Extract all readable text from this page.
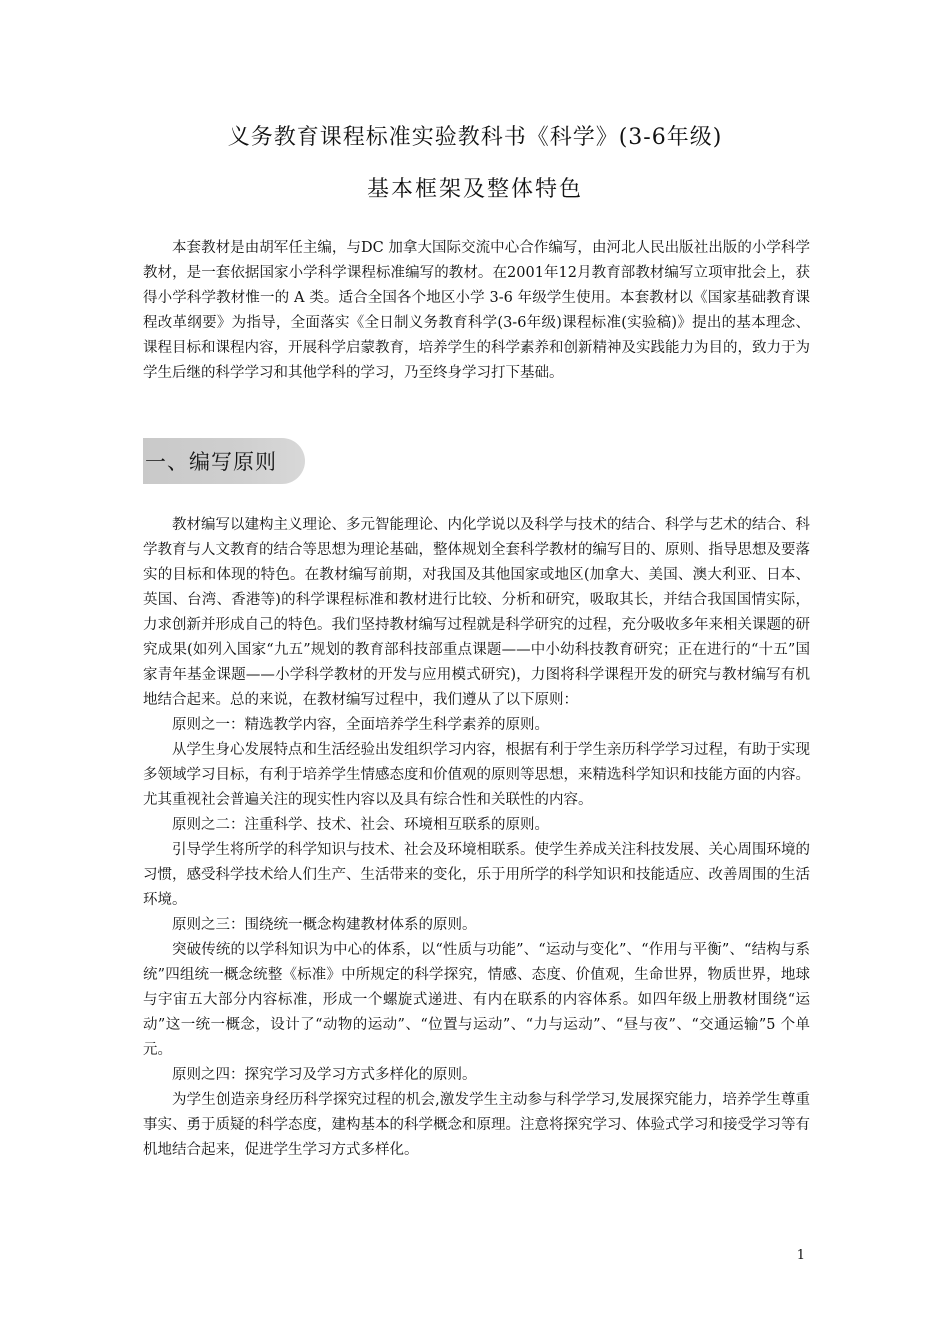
义务教育课程标准实验教科书《科学》(3-6年级)
基本框架及整体特色

本套教材是由胡军任主编，与DC 加拿大国际交流中心合作编写，由河北人民出版社出版的小学科学教材，是一套依据国家小学科学课程标准编写的教材。在2001年12月教育部教材编写立项审批会上，获得小学科学教材惟一的 A 类。适合全国各个地区小学 3-6 年级学生使用。本套教材以《国家基础教育课程改革纲要》为指导，全面落实《全日制义务教育科学(3-6年级)课程标准(实验稿)》提出的基本理念、课程目标和课程内容，开展科学启蒙教育，培养学生的科学素养和创新精神及实践能力为目的，致力于为学生后继的科学学习和其他学科的学习，乃至终身学习打下基础。

一、编写原则

教材编写以建构主义理论、多元智能理论、内化学说以及科学与技术的结合、科学与艺术的结合、科学教育与人文教育的结合等思想为理论基础，整体规划全套科学教材的编写目的、原则、指导思想及要落实的目标和体现的特色。在教材编写前期，对我国及其他国家或地区(加拿大、美国、澳大利亚、日本、英国、台湾、香港等)的科学课程标准和教材进行比较、分析和研究，吸取其长，并结合我国国情实际，力求创新并形成自己的特色。我们坚持教材编写过程就是科学研究的过程，充分吸收多年来相关课题的研究成果(如列入国家“九五”规划的教育部科技部重点课题——中小幼科技教育研究；正在进行的“十五”国家青年基金课题——小学科学教材的开发与应用模式研究)，力图将科学课程开发的研究与教材编写有机地结合起来。总的来说，在教材编写过程中，我们遵从了以下原则：

原则之一：精选教学内容，全面培养学生科学素养的原则。

从学生身心发展特点和生活经验出发组织学习内容，根据有利于学生亲历科学学习过程，有助于实现多领域学习目标，有利于培养学生情感态度和价值观的原则等思想，来精选科学知识和技能方面的内容。尤其重视社会普遍关注的现实性内容以及具有综合性和关联性的内容。

原则之二：注重科学、技术、社会、环境相互联系的原则。

引导学生将所学的科学知识与技术、社会及环境相联系。使学生养成关注科技发展、关心周围环境的习惯，感受科学技术给人们生产、生活带来的变化，乐于用所学的科学知识和技能适应、改善周围的生活环境。

原则之三：围绕统一概念构建教材体系的原则。

突破传统的以学科知识为中心的体系，以“性质与功能”、“运动与变化”、“作用与平衡”、“结构与系统”四组统一概念统整《标准》中所规定的科学探究，情感、态度、价值观，生命世界，物质世界，地球与宇宙五大部分内容标准，形成一个螺旋式递进、有内在联系的内容体系。如四年级上册教材围绕“运动”这一统一概念，设计了“动物的运动”、“位置与运动”、“力与运动”、“昼与夜”、“交通运输”5 个单元。

原则之四：探究学习及学习方式多样化的原则。

为学生创造亲身经历科学探究过程的机会,激发学生主动参与科学学习,发展探究能力，培养学生尊重事实、勇于质疑的科学态度，建构基本的科学概念和原理。注意将探究学习、体验式学习和接受学习等有机地结合起来，促进学生学习方式多样化。

1
